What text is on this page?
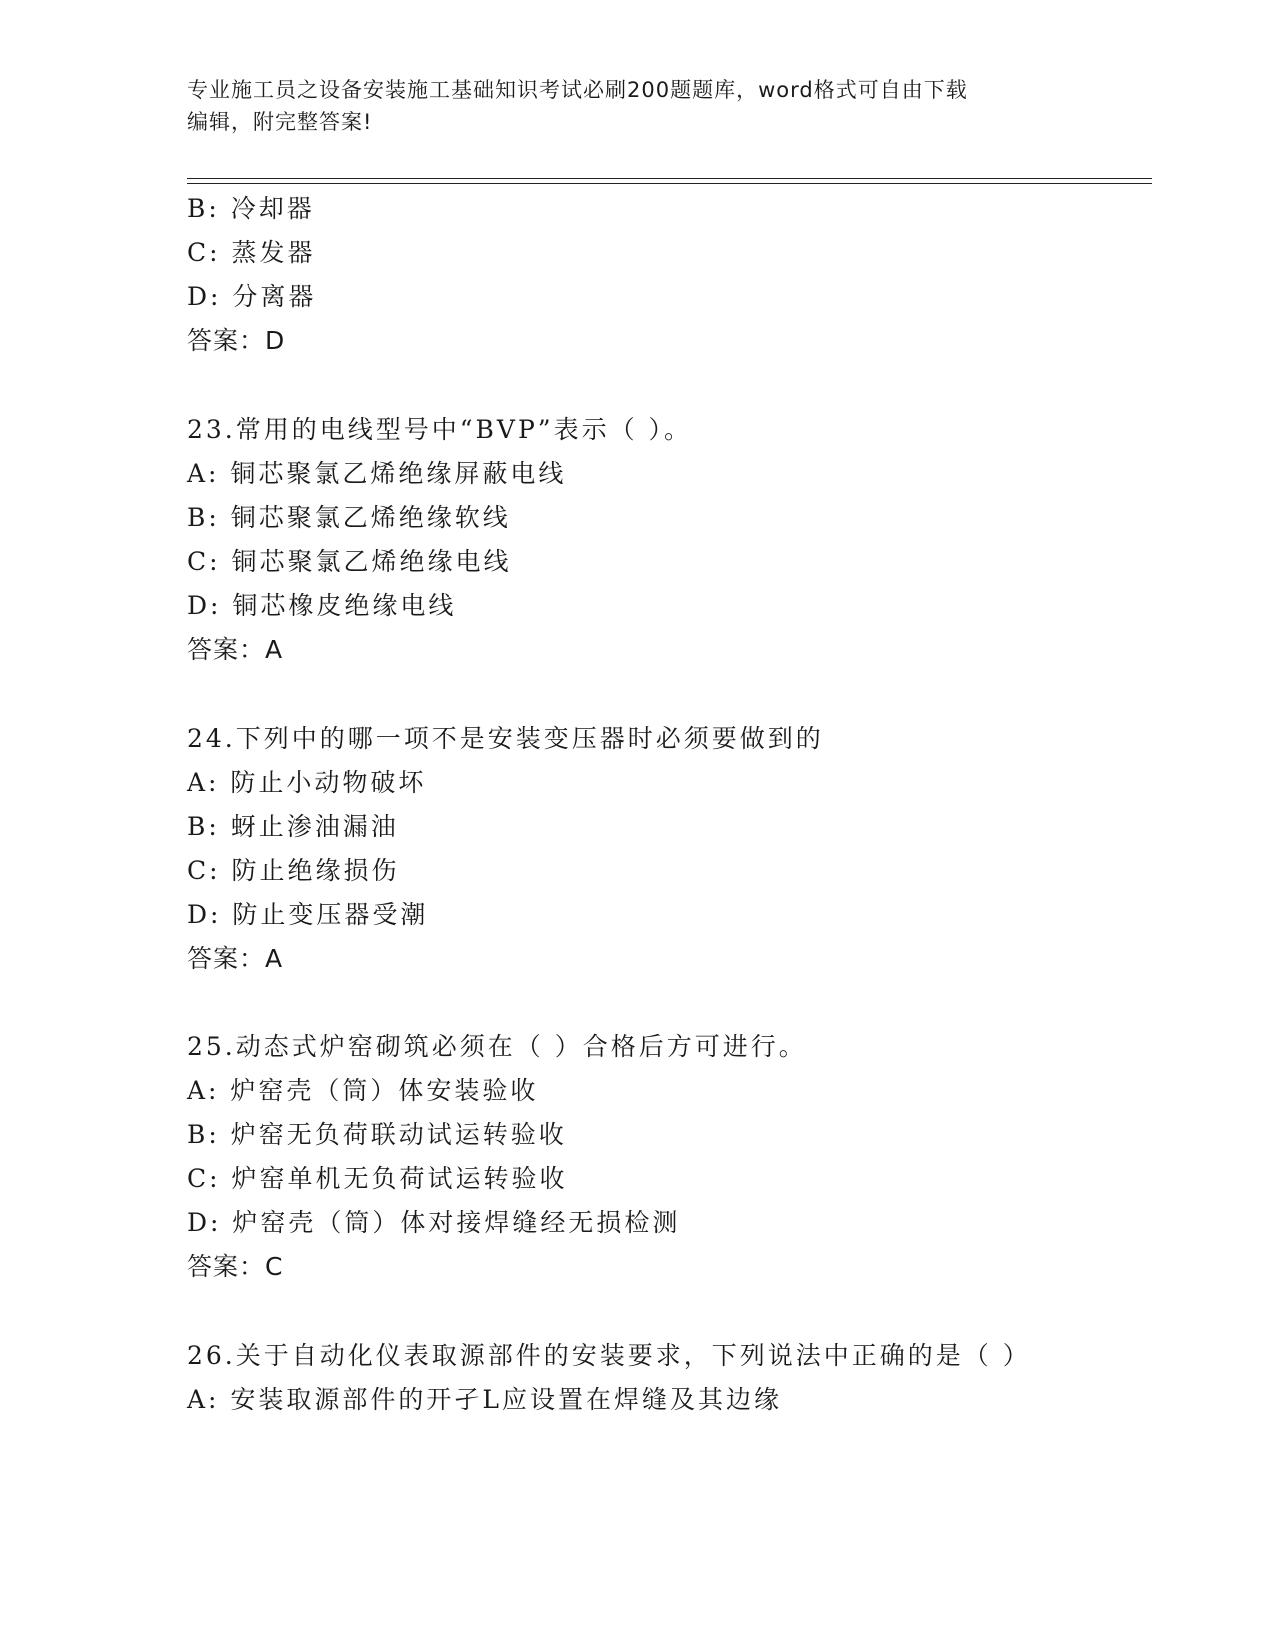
专业施工员之设备安装施工基础知识考试必刷200题题库，word格式可自由下载
编辑，附完整答案!
B: 冷却器
C: 蒸发器
D: 分离器
答案：D
23.常用的电线型号中“BVP”表示（ ）。
A: 铜芯聚氯乙烯绝缘屏蔽电线
B: 铜芯聚氯乙烯绝缘软线
C: 铜芯聚氯乙烯绝缘电线
D: 铜芯橡皮绝缘电线
答案：A
24.下列中的哪一项不是安装变压器时必须要做到的
A: 防止小动物破坏
B: 蚜止渗油漏油
C: 防止绝缘损伤
D: 防止变压器受潮
答案：A
25.动态式炉窑砌筑必须在（ ）合格后方可进行。
A: 炉窑壳（筒）体安装验收
B: 炉窑无负荷联动试运转验收
C: 炉窑单机无负荷试运转验收
D: 炉窑壳（筒）体对接焊缝经无损检测
答案：C
26.关于自动化仪表取源部件的安装要求，下列说法中正确的是（ ）
A: 安装取源部件的开孑L应设置在焊缝及其边缘
